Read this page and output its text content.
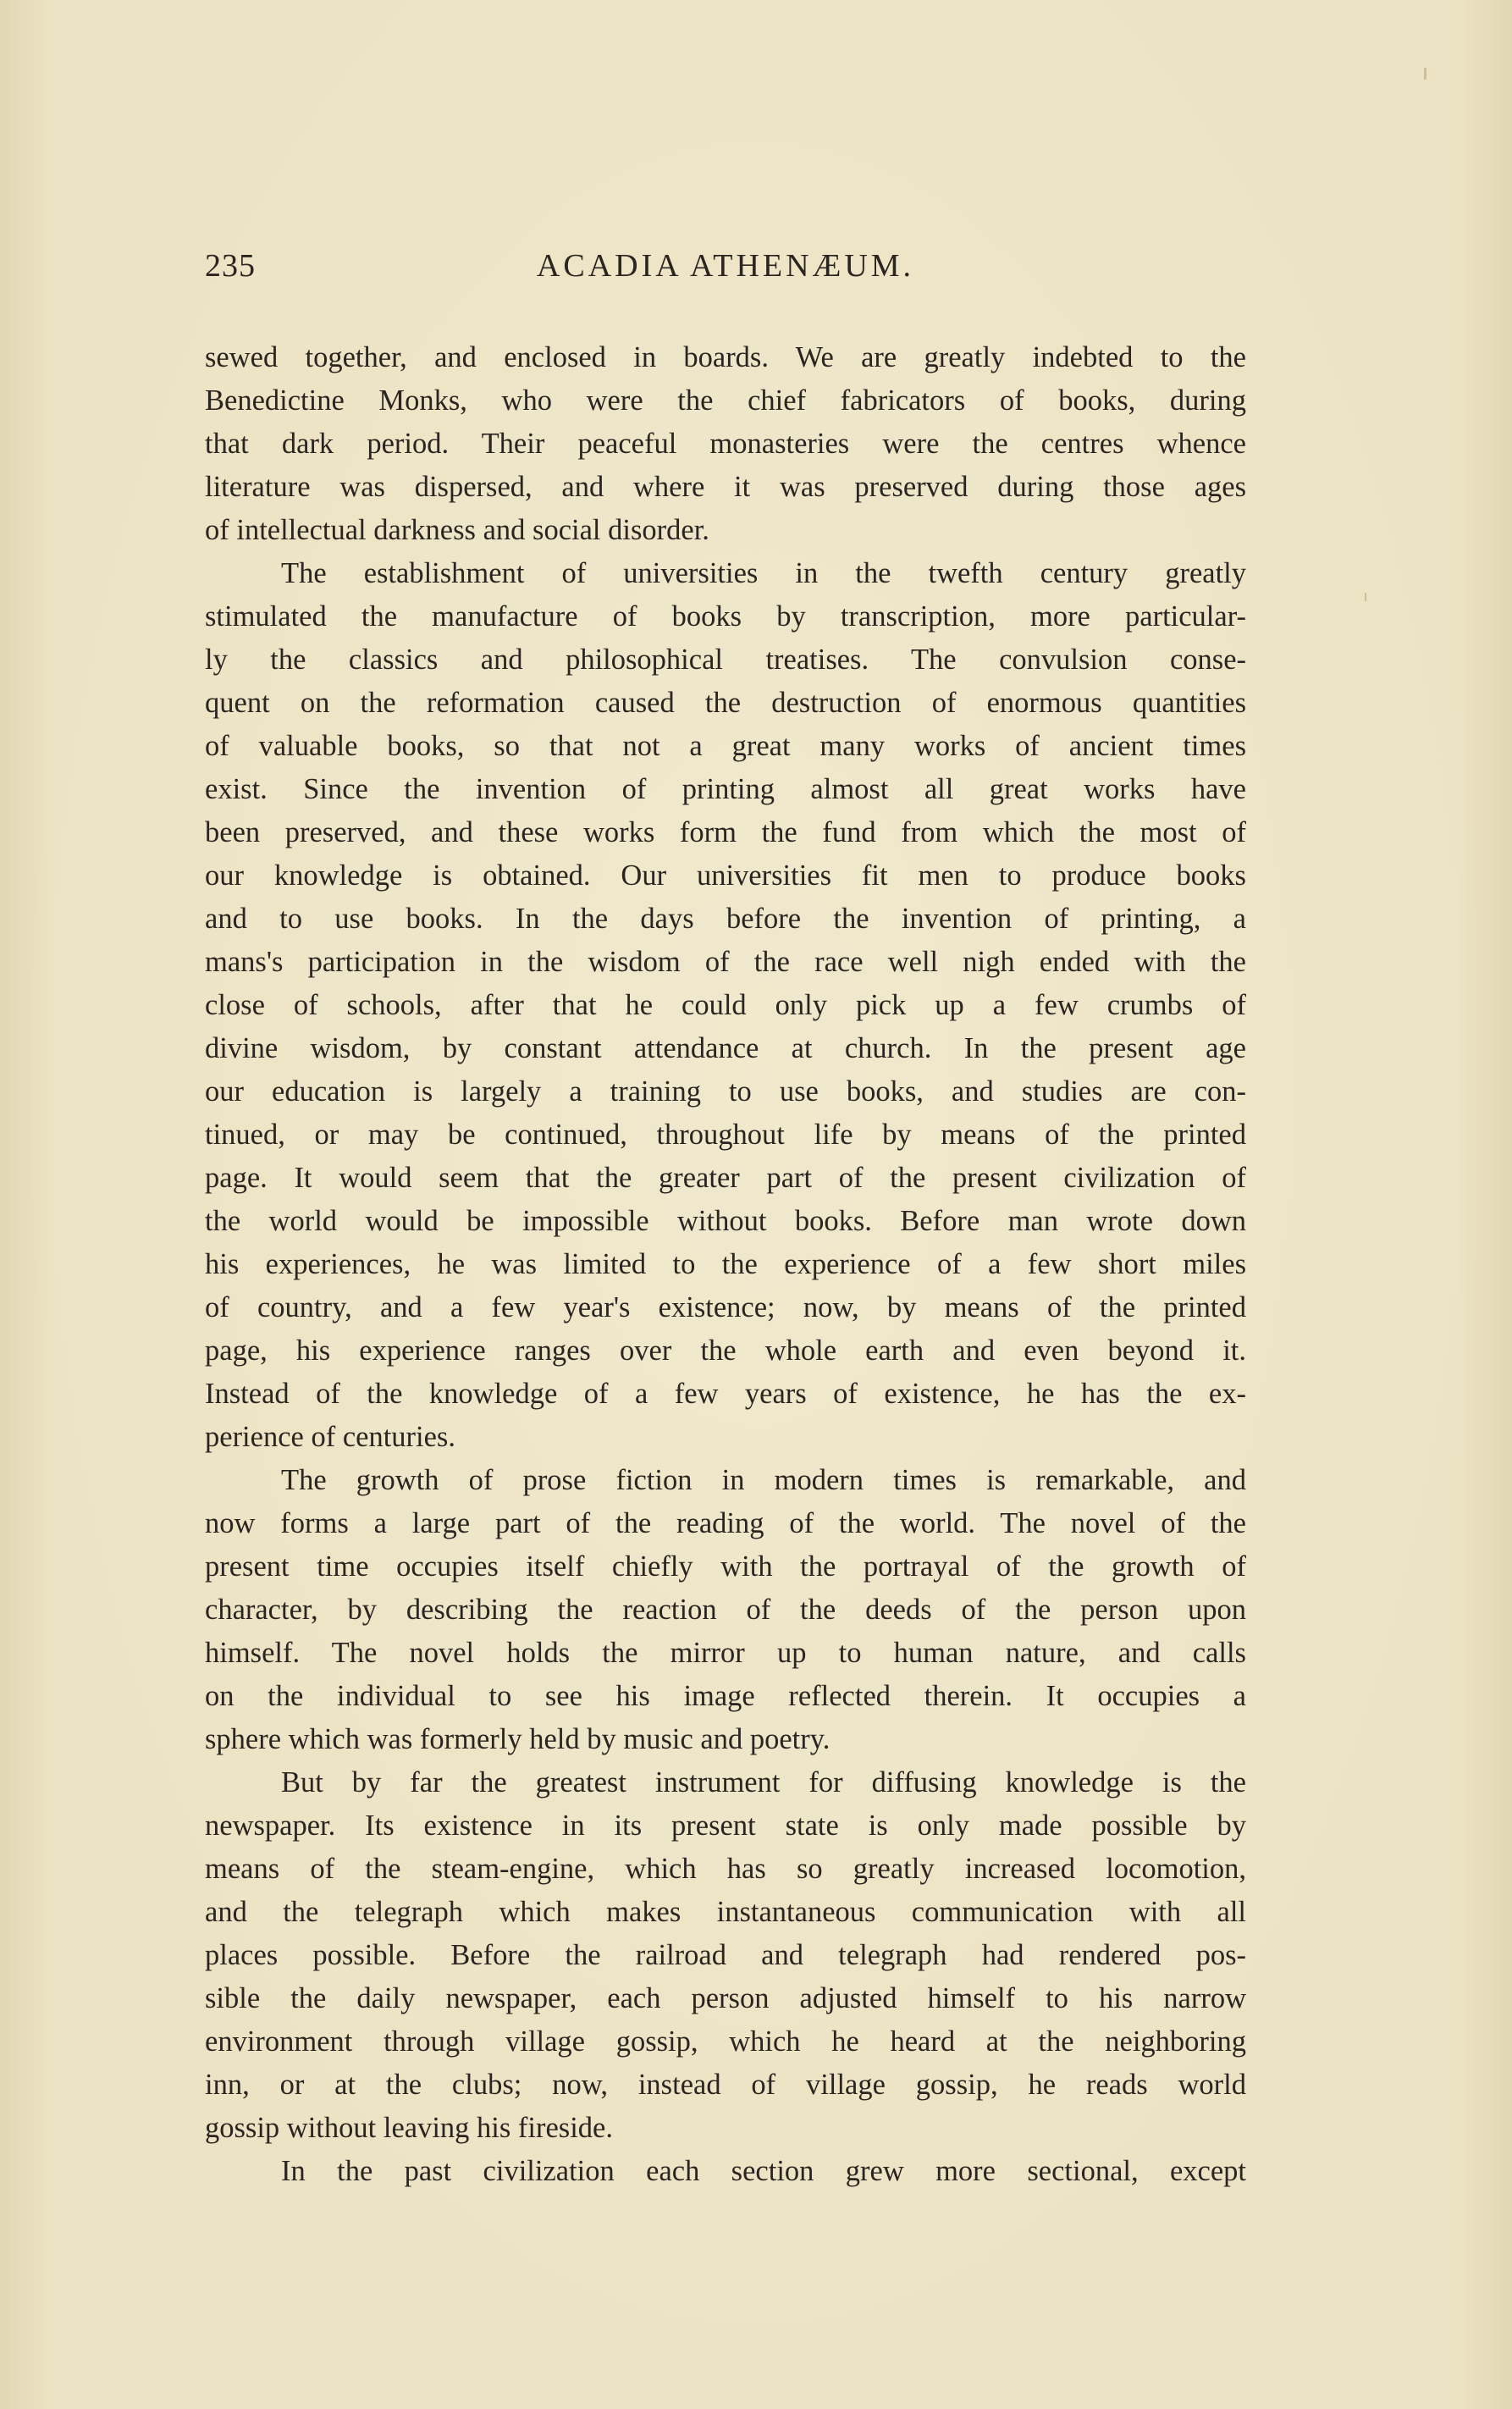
235	ACADIA ATHENÆUM.
sewed together, and enclosed in boards. We are greatly indebted to the
Benedictine Monks, who were the chief fabricators of books, during
that dark period. Their peaceful monasteries were the centres whence
literature was dispersed, and where it was preserved during those ages
of intellectual darkness and social disorder.
The establishment of universities in the twefth century greatly
stimulated the manufacture of books by transcription, more particular-
ly the classics and philosophical treatises. The convulsion conse-
quent on the reformation caused the destruction of enormous quantities
of valuable books, so that not a great many works of ancient times
exist. Since the invention of printing almost all great works have
been preserved, and these works form the fund from which the most of
our knowledge is obtained. Our universities fit men to produce books
and to use books. In the days before the invention of printing, a
mans's participation in the wisdom of the race well nigh ended with the
close of schools, after that he could only pick up a few crumbs of
divine wisdom, by constant attendance at church. In the present age
our education is largely a training to use books, and studies are con-
tinued, or may be continued, throughout life by means of the printed
page. It would seem that the greater part of the present civilization of
the world would be impossible without books. Before man wrote down
his experiences, he was limited to the experience of a few short miles
of country, and a few year's existence; now, by means of the printed
page, his experience ranges over the whole earth and even beyond it.
Instead of the knowledge of a few years of existence, he has the ex-
perience of centuries.
The growth of prose fiction in modern times is remarkable, and
now forms a large part of the reading of the world. The novel of the
present time occupies itself chiefly with the portrayal of the growth of
character, by describing the reaction of the deeds of the person upon
himself. The novel holds the mirror up to human nature, and calls
on the individual to see his image reflected therein. It occupies a
sphere which was formerly held by music and poetry.
But by far the greatest instrument for diffusing knowledge is the
newspaper. Its existence in its present state is only made possible by
means of the steam-engine, which has so greatly increased locomotion,
and the telegraph which makes instantaneous communication with all
places possible. Before the railroad and telegraph had rendered pos-
sible the daily newspaper, each person adjusted himself to his narrow
environment through village gossip, which he heard at the neighboring
inn, or at the clubs; now, instead of village gossip, he reads world
gossip without leaving his fireside.
In the past civilization each section grew more sectional, except
